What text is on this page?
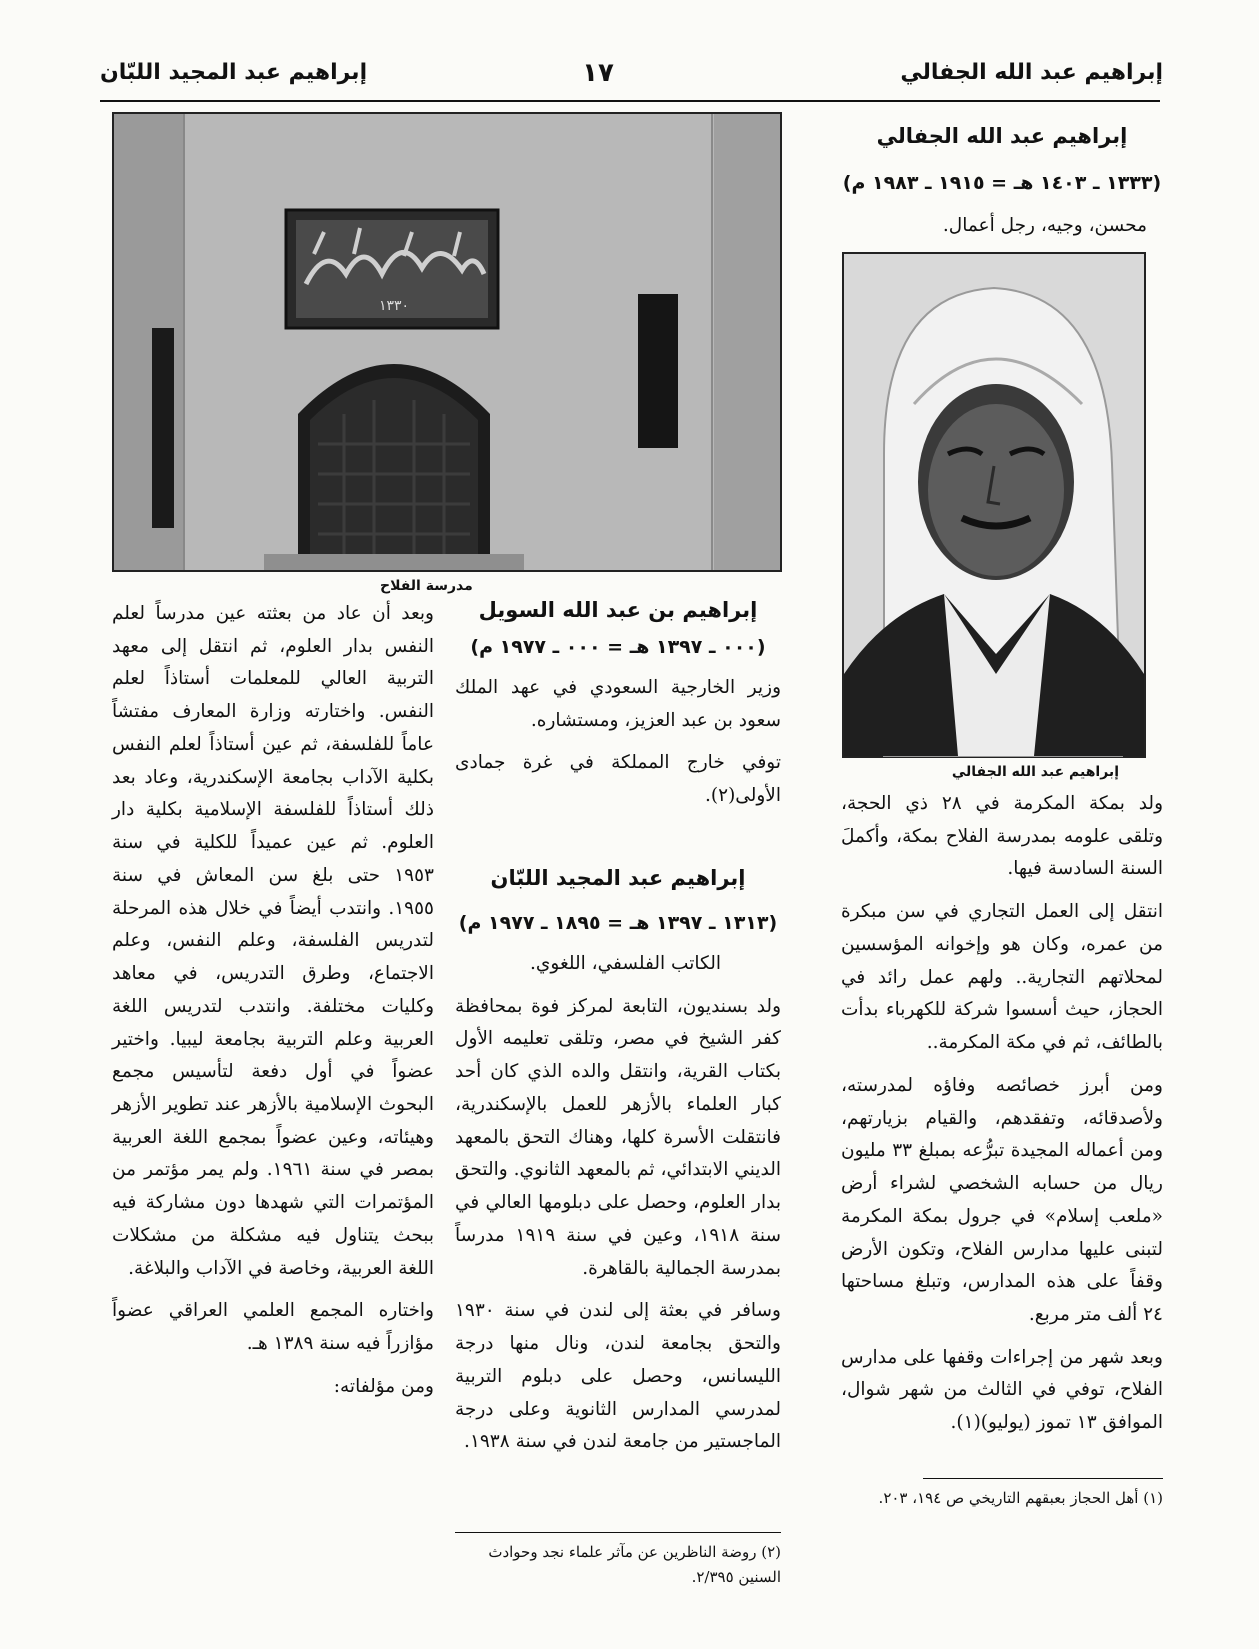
إبراهيم عبد الله الجفالي
١٧
إبراهيم عبد المجيد اللبّان
١٣٣٠
مدرسة الفلاح
إبراهيم عبد الله الجفالي
(١٣٣٣ ـ ١٤٠٣ هـ = ١٩١٥ ـ ١٩٨٣ م)
محسن، وجيه، رجل أعمال.
إبراهيم عبد الله الجفالي

ولد بمكة المكرمة في ٢٨ ذي الحجة، وتلقى علومه بمدرسة الفلاح بمكة، وأكملَ السنة السادسة فيها.

انتقل إلى العمل التجاري في سن مبكرة من عمره، وكان هو وإخوانه المؤسسين لمحلاتهم التجارية.. ولهم عمل رائد في الحجاز، حيث أسسوا شركة للكهرباء بدأت بالطائف، ثم في مكة المكرمة..

ومن أبرز خصائصه وفاؤه لمدرسته، ولأصدقائه، وتفقدهم، والقيام بزيارتهم، ومن أعماله المجيدة تبرُّعه بمبلغ ٣٣ مليون ريال من حسابه الشخصي لشراء أرض «ملعب إسلام» في جرول بمكة المكرمة لتبنى عليها مدارس الفلاح، وتكون الأرض وقفاً على هذه المدارس، وتبلغ مساحتها ٢٤ ألف متر مربع.

وبعد شهر من إجراءات وقفها على مدارس الفلاح، توفي في الثالث من شهر شوال، الموافق ١٣ تموز (يوليو)(١).

(١) أهل الحجاز بعبقهم التاريخي ص ١٩٤، ٢٠٣.
إبراهيم بن عبد الله السويل
(٠٠٠ ـ ١٣٩٧ هـ = ٠٠٠ ـ ١٩٧٧ م)

وزير الخارجية السعودي في عهد الملك سعود بن عبد العزيز، ومستشاره.

توفي خارج المملكة في غرة جمادى الأولى(٢).

إبراهيم عبد المجيد اللبّان
(١٣١٣ ـ ١٣٩٧ هـ = ١٨٩٥ ـ ١٩٧٧ م)

الكاتب الفلسفي، اللغوي.

ولد بسنديون، التابعة لمركز فوة بمحافظة كفر الشيخ في مصر، وتلقى تعليمه الأول بكتاب القرية، وانتقل والده الذي كان أحد كبار العلماء بالأزهر للعمل بالإسكندرية، فانتقلت الأسرة كلها، وهناك التحق بالمعهد الديني الابتدائي، ثم بالمعهد الثانوي. والتحق بدار العلوم، وحصل على دبلومها العالي في سنة ١٩١٨، وعين في سنة ١٩١٩ مدرساً بمدرسة الجمالية بالقاهرة.

وسافر في بعثة إلى لندن في سنة ١٩٣٠ والتحق بجامعة لندن، ونال منها درجة الليسانس، وحصل على دبلوم التربية لمدرسي المدارس الثانوية وعلى درجة الماجستير من جامعة لندن في سنة ١٩٣٨.

(٢) روضة الناظرين عن مآثر علماء نجد وحوادث السنين ٢/٣٩٥.

وبعد أن عاد من بعثته عين مدرساً لعلم النفس بدار العلوم، ثم انتقل إلى معهد التربية العالي للمعلمات أستاذاً لعلم النفس. واختارته وزارة المعارف مفتشاً عاماً للفلسفة، ثم عين أستاذاً لعلم النفس بكلية الآداب بجامعة الإسكندرية، وعاد بعد ذلك أستاذاً للفلسفة الإسلامية بكلية دار العلوم. ثم عين عميداً للكلية في سنة ١٩٥٣ حتى بلغ سن المعاش في سنة ١٩٥٥. وانتدب أيضاً في خلال هذه المرحلة لتدريس الفلسفة، وعلم النفس، وعلم الاجتماع، وطرق التدريس، في معاهد وكليات مختلفة. وانتدب لتدريس اللغة العربية وعلم التربية بجامعة ليبيا. واختير عضواً في أول دفعة لتأسيس مجمع البحوث الإسلامية بالأزهر عند تطوير الأزهر وهيئاته، وعين عضواً بمجمع اللغة العربية بمصر في سنة ١٩٦١. ولم يمر مؤتمر من المؤتمرات التي شهدها دون مشاركة فيه ببحث يتناول فيه مشكلة من مشكلات اللغة العربية، وخاصة في الآداب والبلاغة.

واختاره المجمع العلمي العراقي عضواً مؤازراً فيه سنة ١٣٨٩ هـ.

ومن مؤلفاته:
